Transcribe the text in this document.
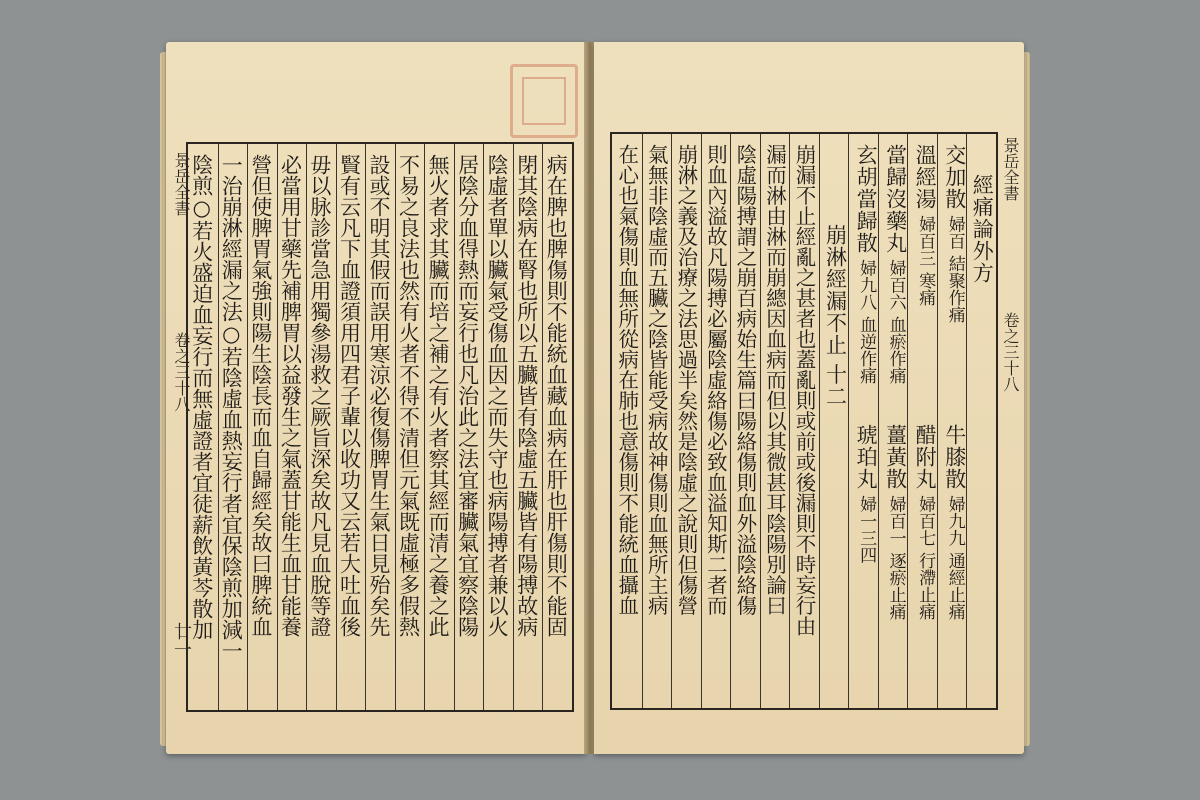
景岳全書
卷之三十八
廿一
病在脾也脾傷則不能統血藏血病在肝也肝傷則不能固
閉其陰病在腎也所以五臟皆有陰虛五臟皆有陽搏故病
陰虛者單以臟氣受傷血因之而失守也病陽搏者兼以火
居陰分血得熱而妄行也凡治此之法宜審臟氣宜察陰陽
無火者求其臟而培之補之有火者察其經而清之養之此
不易之良法也然有火者不得不清但元氣既虛極多假熱
設或不明其假而誤用寒涼必復傷脾胃生氣日見殆矣先
賢有云凡下血證須用四君子輩以收功又云若大吐血後
毋以脉診當急用獨參湯救之厥旨深矣故凡見血脫等證
必當用甘藥先補脾胃以益發生之氣蓋甘能生血甘能養
營但使脾胃氣強則陽生陰長而血自歸經矣故曰脾統血
一治崩淋經漏之法○若陰虛血熱妄行者宜保陰煎加減一
陰煎○若火盛迫血妄行而無虛證者宜徒薪飲黃芩散加	景岳全書
卷之三十八
經痛論外方
交加散 婦百 結聚作痛
牛膝散 婦九九 通經止痛
溫經湯 婦百三 寒痛
醋附丸 婦百七 行滯止痛
當歸沒藥丸 婦百六 血瘀作痛
薑黃散 婦百一 逐瘀止痛
玄胡當歸散 婦九八 血逆作痛
琥珀丸 婦一三四
崩淋經漏不止 十二
崩漏不止經亂之甚者也蓋亂則或前或後漏則不時妄行由
漏而淋由淋而崩總因血病而但以其微甚耳陰陽別論曰
陰虛陽搏謂之崩百病始生篇曰陽絡傷則血外溢陰絡傷
則血內溢故凡陽搏必屬陰虛絡傷必致血溢知斯二者而
崩淋之義及治療之法思過半矣然是陰虛之說則但傷營
氣無非陰虛而五臟之陰皆能受病故神傷則血無所主病
在心也氣傷則血無所從病在肺也意傷則不能統血攝血
